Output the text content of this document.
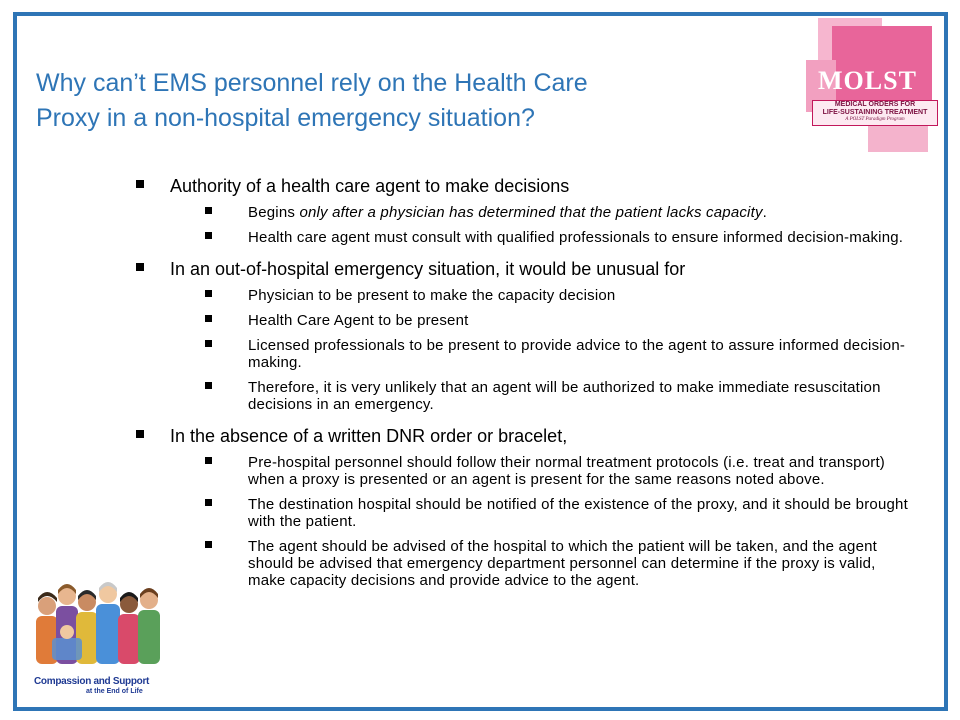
Why can’t EMS personnel rely on the Health Care
Proxy in a non-hospital emergency situation?
MOLST
MEDICAL ORDERS FOR
LIFE-SUSTAINING TREATMENT
A POLST Paradigm Program
Authority of a health care agent to make decisions
Begins only after a physician has determined that the patient lacks capacity.
Health care agent must consult with qualified professionals to ensure informed decision-making.
In an out-of-hospital emergency situation, it would be unusual for
Physician to be present to make the capacity decision
Health Care Agent to be present
Licensed professionals to be present to provide advice to the agent to assure informed decision-making.
Therefore, it is very unlikely that an agent will be authorized to make immediate resuscitation decisions in an emergency.
In the absence of a written DNR order or bracelet,
Pre-hospital personnel should follow their normal treatment protocols (i.e. treat and transport) when a proxy is presented or an agent is present for the same reasons noted above.
The destination hospital should be notified of the existence of the proxy, and it should be brought with the patient.
The agent should be advised of the hospital to which the patient will be taken, and the agent should be advised that emergency department personnel can determine if the proxy is valid, make capacity decisions and provide advice to the agent.
Compassion and Support
at the End of Life
